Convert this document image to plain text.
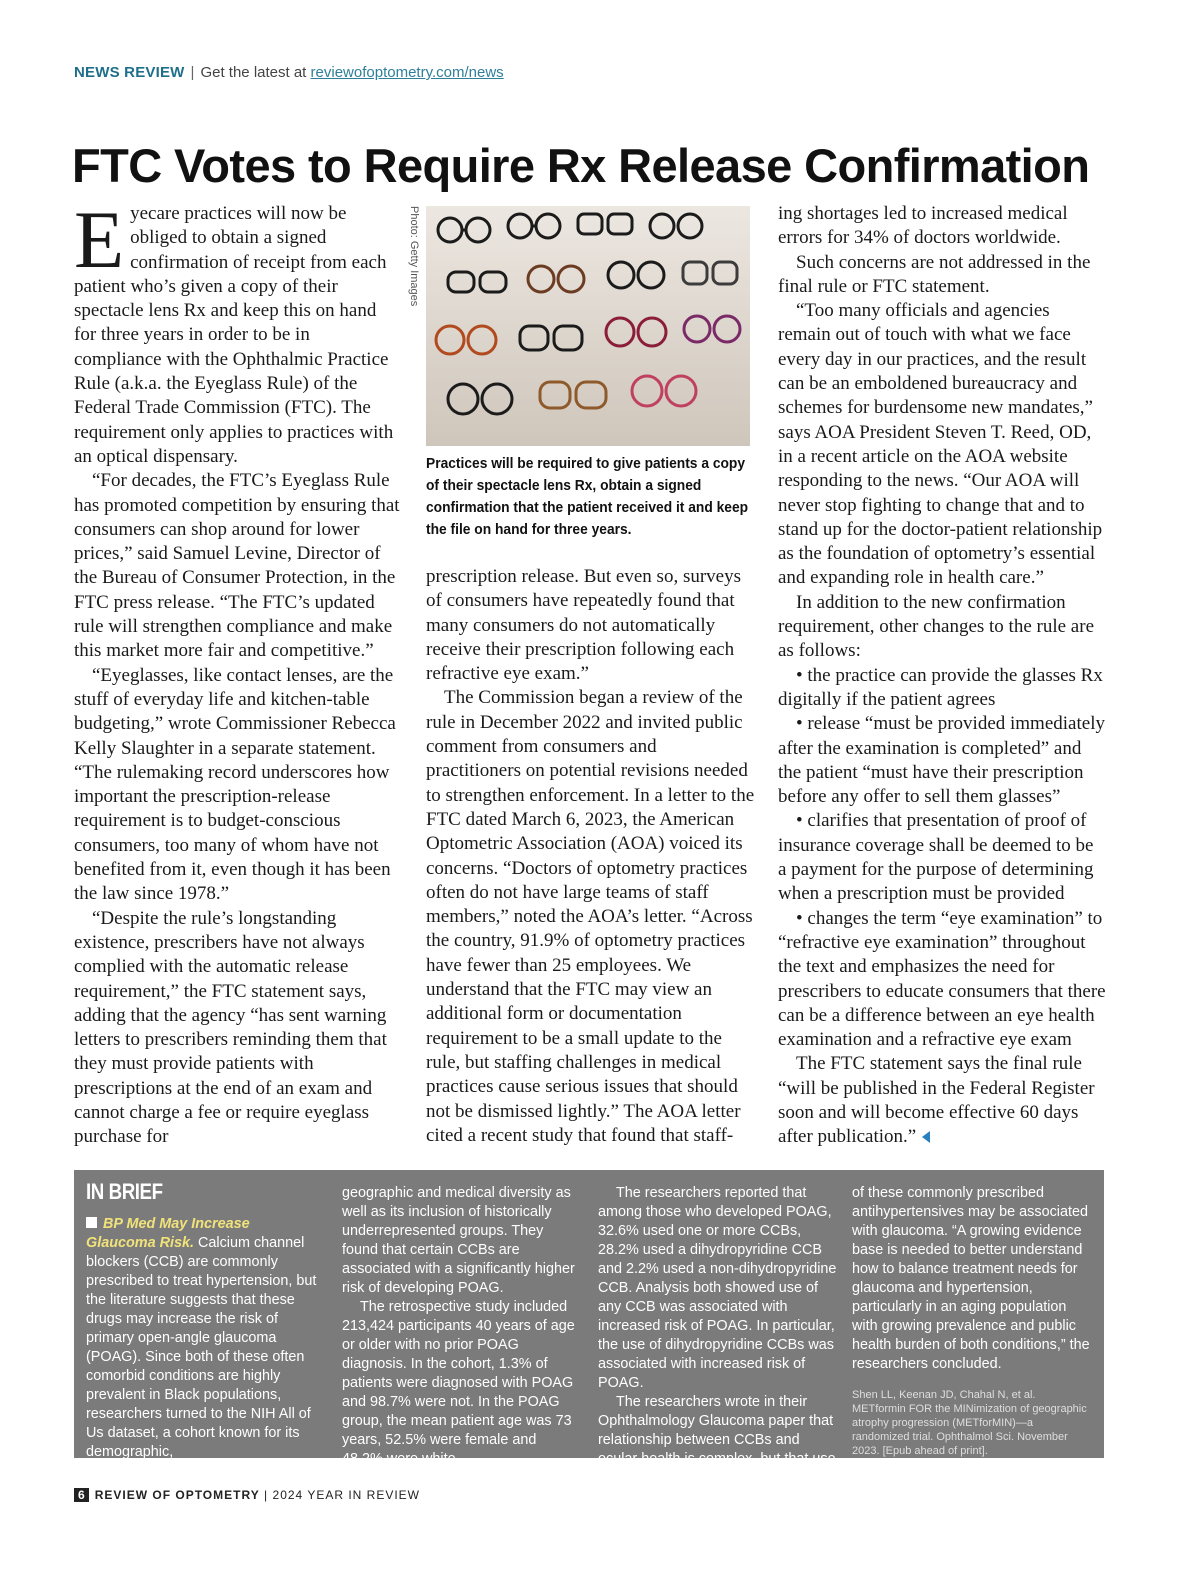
NEWS REVIEW | Get the latest at reviewofoptometry.com/news
FTC Votes to Require Rx Release Confirmation

Eyecare practices will now be obliged to obtain a signed confirmation of receipt from each patient who’s given a copy of their spectacle lens Rx and keep this on hand for three years in order to be in compliance with the Ophthalmic Practice Rule (a.k.a. the Eyeglass Rule) of the Federal Trade Commission (FTC). The requirement only applies to practices with an optical dispensary.

“For decades, the FTC’s Eyeglass Rule has promoted competition by ensuring that consumers can shop around for lower prices,” said Samuel Levine, Director of the Bureau of Consumer Protection, in the FTC press release. “The FTC’s updated rule will strengthen compliance and make this market more fair and competitive.”

“Eyeglasses, like contact lenses, are the stuff of everyday life and kitchen-table budgeting,” wrote Commissioner Rebecca Kelly Slaughter in a separate statement. “The rulemaking record underscores how important the prescription-release requirement is to budget-conscious consumers, too many of whom have not benefited from it, even though it has been the law since 1978.”

“Despite the rule’s longstanding existence, prescribers have not always complied with the automatic release requirement,” the FTC statement says, adding that the agency “has sent warning letters to prescribers reminding them that they must provide patients with prescriptions at the end of an exam and cannot charge a fee or require eyeglass purchase for

Photo: Getty Images

Practices will be required to give patients a copy of their spectacle lens Rx, obtain a signed confirmation that the patient received it and keep the file on hand for three years.

prescription release. But even so, surveys of consumers have repeatedly found that many consumers do not automatically receive their prescription following each refractive eye exam.”

The Commission began a review of the rule in December 2022 and invited public comment from consumers and practitioners on potential revisions needed to strengthen enforcement. In a letter to the FTC dated March 6, 2023, the American Optometric Association (AOA) voiced its concerns. “Doctors of optometry practices often do not have large teams of staff members,” noted the AOA’s letter. “Across the country, 91.9% of optometry practices have fewer than 25 employees. We understand that the FTC may view an additional form or documentation requirement to be a small update to the rule, but staffing challenges in medical practices cause serious issues that should not be dismissed lightly.” The AOA letter cited a recent study that found that staff-

ing shortages led to increased medical errors for 34% of doctors worldwide.

Such concerns are not addressed in the final rule or FTC statement.

“Too many officials and agencies remain out of touch with what we face every day in our practices, and the result can be an emboldened bureaucracy and schemes for burdensome new mandates,” says AOA President Steven T. Reed, OD, in a recent article on the AOA website responding to the news. “Our AOA will never stop fighting to change that and to stand up for the doctor-patient relationship as the foundation of optometry’s essential and expanding role in health care.”

In addition to the new confirmation requirement, other changes to the rule are as follows:

• the practice can provide the glasses Rx digitally if the patient agrees

• release “must be provided immediately after the examination is completed” and the patient “must have their prescription before any offer to sell them glasses”

• clarifies that presentation of proof of insurance coverage shall be deemed to be a payment for the purpose of determining when a prescription must be provided

• changes the term “eye examination” to “refractive eye examination” throughout the text and emphasizes the need for prescribers to educate consumers that there can be a difference between an eye health examination and a refractive eye exam

The FTC statement says the final rule “will be published in the Federal Register soon and will become effective 60 days after publication.”

IN BRIEF

BP Med May Increase Glaucoma Risk. Calcium channel blockers (CCB) are commonly prescribed to treat hypertension, but the literature suggests that these drugs may increase the risk of primary open-angle glaucoma (POAG). Since both of these often comorbid conditions are highly prevalent in Black populations, researchers turned to the NIH All of Us dataset, a cohort known for its demographic,

geographic and medical diversity as well as its inclusion of historically underrepresented groups. They found that certain CCBs are associated with a significantly higher risk of developing POAG.

The retrospective study included 213,424 participants 40 years of age or older with no prior POAG diagnosis. In the cohort, 1.3% of patients were diagnosed with POAG and 98.7% were not. In the POAG group, the mean patient age was 73 years, 52.5% were female and 48.2% were white.

The researchers reported that among those who developed POAG, 32.6% used one or more CCBs, 28.2% used a dihydropyridine CCB and 2.2% used a non-dihydropyridine CCB. Analysis both showed use of any CCB was associated with increased risk of POAG. In particular, the use of dihydropyridine CCBs was associated with increased risk of POAG.

The researchers wrote in their Ophthalmology Glaucoma paper that relationship between CCBs and ocular health is complex, but that use

of these commonly prescribed antihypertensives may be associated with glaucoma. “A growing evidence base is needed to better understand how to balance treatment needs for glaucoma and hypertension, particularly in an aging population with growing prevalence and public health burden of both conditions,” the researchers concluded.

Shen LL, Keenan JD, Chahal N, et al. METformin FOR the MINimization of geographic atrophy progression (METforMIN)—a randomized trial. Ophthalmol Sci. November 2023. [Epub ahead of print].

6 REVIEW OF OPTOMETRY | 2024 YEAR IN REVIEW
